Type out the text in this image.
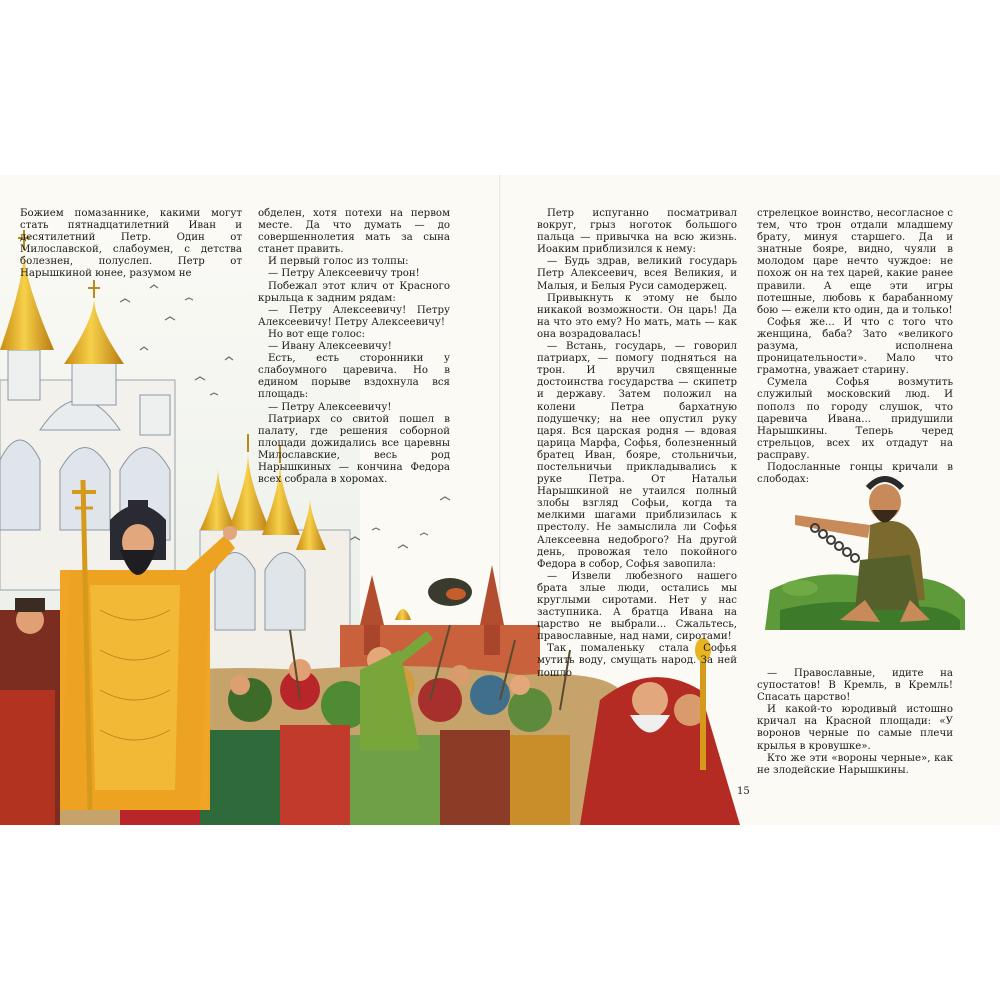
Божием помазаннике, какими могут стать пятнадцатилетний Иван и десятилетний Петр. Один от Милославской, слабоумен, с детства болезнен, полуслеп. Петр от Нарышкиной юнее, разумом не

обделен, хотя потехи на первом месте. Да что думать — до совершеннолетия мать за сына станет править.

И первый голос из толпы:

— Петру Алексеевичу трон!

Побежал этот клич от Красного крыльца к задним рядам:

— Петру Алексеевичу! Петру Алексеевичу! Петру Алексеевичу!

Но вот еще голос:

— Ивану Алексеевичу!

Есть, есть сторонники у слабоумного царевича. Но в едином порыве вздохнула вся площадь:

— Петру Алексеевичу!

Патриарх со свитой пошел в палату, где решения соборной площади дожидались все царевны Милославские, весь род Нарышкиных — кончина Федора всех собрала в хоромах.

Петр испуганно посматривал вокруг, грыз ноготок большого пальца — привычка на всю жизнь. Иоаким приблизился к нему:

— Будь здрав, великий государь Петр Алексеевич, всея Великия, и Малыя, и Белыя Руси самодержец.

Привыкнуть к этому не было никакой возможности. Он царь! Да на что это ему? Но мать, мать — как она возрадовалась!

— Встань, государь, — говорил патриарх, — помогу подняться на трон. И вручил священные достоинства государства — скипетр и державу. Затем положил на колени Петра бархатную подушечку; на нее опустил руку царя. Вся царская родня — вдовая царица Марфа, Софья, болезненный братец Иван, бояре, стольничьи, постельничьи прикладывались к руке Петра. От Натальи Нарышкиной не утаился полный злобы взгляд Софьи, когда та мелкими шагами приблизилась к престолу. Не замыслила ли Софья Алексеевна недоброго? На другой день, провожая тело покойного Федора в собор, Софья завопила:

— Извели любезного нашего брата злые люди, остались мы круглыми сиротами. Нет у нас заступника. А братца Ивана на царство не выбрали... Сжальтесь, православные, над нами, сиротами!

Так помаленьку стала Софья мутить воду, смущать народ. За ней пошло

стрелецкое воинство, несогласное с тем, что трон отдали младшему брату, минуя старшего. Да и знатные бояре, видно, чуяли в молодом царе нечто чуждое: не похож он на тех царей, какие ранее правили. А еще эти игры потешные, любовь к барабанному бою — ежели кто один, да и только!

Софья же... И что с того что женщина, баба? Зато «великого разума, исполнена проницательности». Мало что грамотна, уважает старину.

Сумела Софья возмутить служилый московский люд. И пополз по городу слушок, что царевича Ивана... придушили Нарышкины. Теперь черед стрельцов, всех их отдадут на расправу.

Подосланные гонцы кричали в слободах:

— Православные, идите на супостатов! В Кремль, в Кремль! Спасать царство!

И какой-то юродивый истошно кричал на Красной площади: «У воронов черные по самые плечи крылья в кровушке».

Кто же эти «вороны черные», как не злодейские Нарышкины.

15
